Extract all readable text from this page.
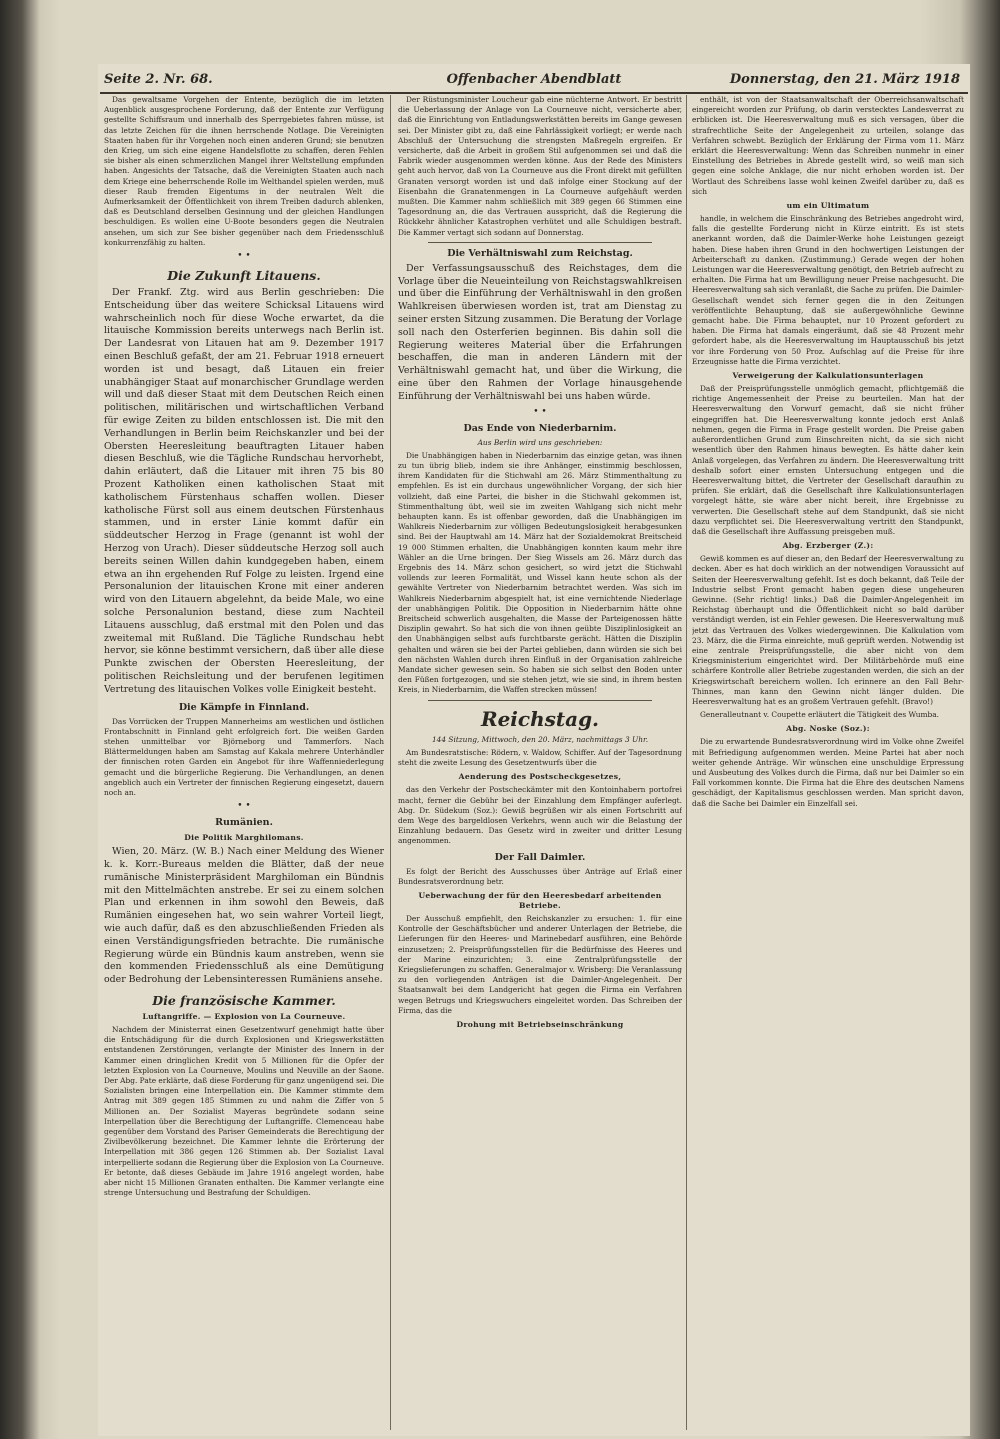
Seite 2. Nr. 68.	Offenbacher Abendblatt	Donnerstag, den 21. März 1918

Das gewaltsame Vorgehen der Entente, bezüglich die im letzten Augenblick ausgesprochene Forderung, daß der Entente zur Verfügung gestellte Schiffsraum und innerhalb des Sperrgebietes fahren müsse, ist das letzte Zeichen für die ihnen herrschende Notlage. Die Vereinigten Staaten haben für ihr Vorgehen noch einen anderen Grund; sie benutzen den Krieg, um sich eine eigene Handelsflotte zu schaffen, deren Fehlen sie bisher als einen schmerzlichen Mangel ihrer Weltstellung empfunden haben. Angesichts der Tatsache, daß die Vereinigten Staaten auch nach dem Kriege eine beherrschende Rolle im Welthandel spielen werden, muß dieser Raub fremden Eigentums in der neutralen Welt die Aufmerksamkeit der Öffentlichkeit von ihrem Treiben dadurch ablenken, daß es Deutschland derselben Gesinnung und der gleichen Handlungen beschuldigen. Es wollen eine U-Boote besonders gegen die Neutralen ansehen, um sich zur See bisher gegenüber nach dem Friedensschluß konkurrenzfähig zu halten.

• •
Die Zukunft Litauens.

Der Frankf. Ztg. wird aus Berlin geschrieben: Die Entscheidung über das weitere Schicksal Litauens wird wahrscheinlich noch für diese Woche erwartet, da die litauische Kommission bereits unterwegs nach Berlin ist. Der Landesrat von Litauen hat am 9. Dezember 1917 einen Beschluß gefaßt, der am 21. Februar 1918 erneuert worden ist und besagt, daß Litauen ein freier unabhängiger Staat auf monarchischer Grundlage werden will und daß dieser Staat mit dem Deutschen Reich einen politischen, militärischen und wirtschaftlichen Verband für ewige Zeiten zu bilden entschlossen ist. Die mit den Verhandlungen in Berlin beim Reichskanzler und bei der Obersten Heeresleitung beauftragten Litauer haben diesen Beschluß, wie die Tägliche Rundschau hervorhebt, dahin erläutert, daß die Litauer mit ihren 75 bis 80 Prozent Katholiken einen katholischen Staat mit katholischem Fürstenhaus schaffen wollen. Dieser katholische Fürst soll aus einem deutschen Fürstenhaus stammen, und in erster Linie kommt dafür ein süddeutscher Herzog in Frage (genannt ist wohl der Herzog von Urach). Dieser süddeutsche Herzog soll auch bereits seinen Willen dahin kundgegeben haben, einem etwa an ihn ergehenden Ruf Folge zu leisten. Irgend eine Personalunion der litauischen Krone mit einer anderen wird von den Litauern abgelehnt, da beide Male, wo eine solche Personalunion bestand, diese zum Nachteil Litauens ausschlug, daß erstmal mit den Polen und das zweitemal mit Rußland. Die Tägliche Rundschau hebt hervor, sie könne bestimmt versichern, daß über alle diese Punkte zwischen der Obersten Heeresleitung, der politischen Reichsleitung und der berufenen legitimen Vertretung des litauischen Volkes volle Einigkeit besteht.

Die Kämpfe in Finnland.

Das Vorrücken der Truppen Mannerheims am westlichen und östlichen Frontabschnitt in Finnland geht erfolgreich fort. Die weißen Garden stehen unmittelbar vor Björneborg und Tammerfors. Nach Blättermeldungen haben am Samstag auf Kakala mehrere Unterhändler der finnischen roten Garden ein Angebot für ihre Waffenniederlegung gemacht und die bürgerliche Regierung. Die Verhandlungen, an denen angeblich auch ein Vertreter der finnischen Regierung eingesetzt, dauern noch an.

• •
Rumänien.
Die Politik Marghilomans.

Wien, 20. März. (W. B.) Nach einer Meldung des Wiener k. k. Korr.-Bureaus melden die Blätter, daß der neue rumänische Ministerpräsident Marghiloman ein Bündnis mit den Mittelmächten anstrebe. Er sei zu einem solchen Plan und erkennen in ihm sowohl den Beweis, daß Rumänien eingesehen hat, wo sein wahrer Vorteil liegt, wie auch dafür, daß es den abzuschließenden Frieden als einen Verständigungsfrieden betrachte. Die rumänische Regierung würde ein Bündnis kaum anstreben, wenn sie den kommenden Friedensschluß als eine Demütigung oder Bedrohung der Lebensinteressen Rumäniens ansehe.

Die französische Kammer.
Luftangriffe. — Explosion von La Courneuve.

Nachdem der Ministerrat einen Gesetzentwurf genehmigt hatte über die Entschädigung für die durch Explosionen und Kriegswerkstätten entstandenen Zerstörungen, verlangte der Minister des Innern in der Kammer einen dringlichen Kredit von 5 Millionen für die Opfer der letzten Explosion von La Courneuve, Moulins und Neuville an der Saone. Der Abg. Pate erklärte, daß diese Forderung für ganz ungenügend sei. Die Sozialisten bringen eine Interpellation ein. Die Kammer stimmte dem Antrag mit 389 gegen 185 Stimmen zu und nahm die Ziffer von 5 Millionen an. Der Sozialist Mayeras begründete sodann seine Interpellation über die Berechtigung der Luftangriffe. Clemenceau habe gegenüber dem Vorstand des Pariser Gemeinderats die Berechtigung der Zivilbevölkerung bezeichnet. Die Kammer lehnte die Erörterung der Interpellation mit 386 gegen 126 Stimmen ab. Der Sozialist Laval interpellierte sodann die Regierung über die Explosion von La Courneuve. Er betonte, daß dieses Gebäude im Jahre 1916 angelegt worden, habe aber nicht 15 Millionen Granaten enthalten. Die Kammer verlangte eine strenge Untersuchung und Bestrafung der Schuldigen.

Der Rüstungsminister Loucheur gab eine nüchterne Antwort. Er bestritt die Ueberlassung der Anlage von La Courneuve nicht, versicherte aber, daß die Einrichtung von Entladungswerkstätten bereits im Gange gewesen sei. Der Minister gibt zu, daß eine Fahrlässigkeit vorliegt; er werde nach Abschluß der Untersuchung die strengsten Maßregeln ergreifen. Er versicherte, daß die Arbeit in großem Stil aufgenommen sei und daß die Fabrik wieder ausgenommen werden könne. Aus der Rede des Ministers geht auch hervor, daß von La Courneuve aus die Front direkt mit gefüllten Granaten versorgt worden ist und daß infolge einer Stockung auf der Eisenbahn die Granatenmengen in La Courneuve aufgehäuft werden mußten. Die Kammer nahm schließlich mit 389 gegen 66 Stimmen eine Tagesordnung an, die das Vertrauen ausspricht, daß die Regierung die Rückkehr ähnlicher Katastrophen verhütet und alle Schuldigen bestraft. Die Kammer vertagt sich sodann auf Donnerstag.

Die Verhältniswahl zum Reichstag.

Der Verfassungsausschuß des Reichstages, dem die Vorlage über die Neueinteilung von Reichstagswahlkreisen und über die Einführung der Verhältniswahl in den großen Wahlkreisen überwiesen worden ist, trat am Dienstag zu seiner ersten Sitzung zusammen. Die Beratung der Vorlage soll nach den Osterferien beginnen. Bis dahin soll die Regierung weiteres Material über die Erfahrungen beschaffen, die man in anderen Ländern mit der Verhältniswahl gemacht hat, und über die Wirkung, die eine über den Rahmen der Vorlage hinausgehende Einführung der Verhältniswahl bei uns haben würde.

• •
Das Ende von Niederbarnim.
Aus Berlin wird uns geschrieben:

Die Unabhängigen haben in Niederbarnim das einzige getan, was ihnen zu tun übrig blieb, indem sie ihre Anhänger, einstimmig beschlossen, ihrem Kandidaten für die Stichwahl am 26. März Stimmenthaltung zu empfehlen. Es ist ein durchaus ungewöhnlicher Vorgang, der sich hier vollzieht, daß eine Partei, die bisher in die Stichwahl gekommen ist, Stimmenthaltung übt, weil sie im zweiten Wahlgang sich nicht mehr behaupten kann. Es ist offenbar geworden, daß die Unabhängigen im Wahlkreis Niederbarnim zur völligen Bedeutungslosigkeit herabgesunken sind. Bei der Hauptwahl am 14. März hat der Sozialdemokrat Breitscheid 19 000 Stimmen erhalten, die Unabhängigen konnten kaum mehr ihre Wähler an die Urne bringen. Der Sieg Wissels am 26. März durch das Ergebnis des 14. März schon gesichert, so wird jetzt die Stichwahl vollends zur leeren Formalität, und Wissel kann heute schon als der gewählte Vertreter von Niederbarnim betrachtet werden. Was sich im Wahlkreis Niederbarnim abgespielt hat, ist eine vernichtende Niederlage der unabhängigen Politik. Die Opposition in Niederbarnim hätte ohne Breitscheid schwerlich ausgehalten, die Masse der Parteigenossen hätte Disziplin gewahrt. So hat sich die von ihnen geübte Disziplinlosigkeit an den Unabhängigen selbst aufs furchtbarste gerächt. Hätten die Disziplin gehalten und wären sie bei der Partei geblieben, dann würden sie sich bei den nächsten Wahlen durch ihren Einfluß in der Organisation zahlreiche Mandate sicher gewesen sein. So haben sie sich selbst den Boden unter den Füßen fortgezogen, und sie stehen jetzt, wie sie sind, in ihrem besten Kreis, in Niederbarnim, die Waffen strecken müssen!

Reichstag.
144 Sitzung, Mittwoch, den 20. März, nachmittags 3 Uhr.

Am Bundesratstische: Rödern, v. Waldow, Schiffer. Auf der Tagesordnung steht die zweite Lesung des Gesetzentwurfs über die

Aenderung des Postscheckgesetzes,

das den Verkehr der Postscheckämter mit den Kontoinhabern portofrei macht, ferner die Gebühr bei der Einzahlung dem Empfänger auferlegt. Abg. Dr. Südekum (Soz.): Gewiß begrüßen wir als einen Fortschritt auf dem Wege des bargeldlosen Verkehrs, wenn auch wir die Belastung der Einzahlung bedauern. Das Gesetz wird in zweiter und dritter Lesung angenommen.

Der Fall Daimler.

Es folgt der Bericht des Ausschusses über Anträge auf Erlaß einer Bundesratsverordnung betr.

Ueberwachung der für den Heeresbedarf arbeitenden Betriebe.

Der Ausschuß empfiehlt, den Reichskanzler zu ersuchen: 1. für eine Kontrolle der Geschäftsbücher und anderer Unterlagen der Betriebe, die Lieferungen für den Heeres- und Marinebedarf ausführen, eine Behörde einzusetzen; 2. Preisprüfungsstellen für die Bedürfnisse des Heeres und der Marine einzurichten; 3. eine Zentralprüfungsstelle der Kriegslieferungen zu schaffen. Generalmajor v. Wrisberg: Die Veranlassung zu den vorliegenden Anträgen ist die Daimler-Angelegenheit. Der Staatsanwalt bei dem Landgericht hat gegen die Firma ein Verfahren wegen Betrugs und Kriegswuchers eingeleitet worden. Das Schreiben der Firma, das die

Drohung mit Betriebseinschränkung

enthält, ist von der Staatsanwaltschaft der Oberreichsanwaltschaft eingereicht worden zur Prüfung, ob darin verstecktes Landesverrat zu erblicken ist. Die Heeresverwaltung muß es sich versagen, über die strafrechtliche Seite der Angelegenheit zu urteilen, solange das Verfahren schwebt. Bezüglich der Erklärung der Firma vom 11. März erklärt die Heeresverwaltung: Wenn das Schreiben nunmehr in einer Einstellung des Betriebes in Abrede gestellt wird, so weiß man sich gegen eine solche Anklage, die nur nicht erhoben worden ist. Der Wortlaut des Schreibens lasse wohl keinen Zweifel darüber zu, daß es sich

um ein Ultimatum

handle, in welchem die Einschränkung des Betriebes angedroht wird, falls die gestellte Forderung nicht in Kürze eintritt. Es ist stets anerkannt worden, daß die Daimler-Werke hohe Leistungen gezeigt haben. Diese haben ihren Grund in den hochwertigen Leistungen der Arbeiterschaft zu danken. (Zustimmung.) Gerade wegen der hohen Leistungen war die Heeresverwaltung genötigt, den Betrieb aufrecht zu erhalten. Die Firma hat um Bewilligung neuer Preise nachgesucht. Die Heeresverwaltung sah sich veranlaßt, die Sache zu prüfen. Die Daimler-Gesellschaft wendet sich ferner gegen die in den Zeitungen veröffentlichte Behauptung, daß sie außergewöhnliche Gewinne gemacht habe. Die Firma behauptet, nur 10 Prozent gefordert zu haben. Die Firma hat damals eingeräumt, daß sie 48 Prozent mehr gefordert habe, als die Heeresverwaltung im Hauptausschuß bis jetzt vor ihre Forderung von 50 Proz. Aufschlag auf die Preise für ihre Erzeugnisse hatte die Firma verzichtet.

Verweigerung der Kalkulationsunterlagen

Daß der Preisprüfungsstelle unmöglich gemacht, pflichtgemäß die richtige Angemessenheit der Preise zu beurteilen. Man hat der Heeresverwaltung den Vorwurf gemacht, daß sie nicht früher eingegriffen hat. Die Heeresverwaltung konnte jedoch erst Anlaß nehmen, gegen die Firma in Frage gestellt worden. Die Preise gaben außerordentlichen Grund zum Einschreiten nicht, da sie sich nicht wesentlich über den Rahmen hinaus bewegten. Es hätte daher kein Anlaß vorgelegen, das Verfahren zu ändern. Die Heeresverwaltung tritt deshalb sofort einer ernsten Untersuchung entgegen und die Heeresverwaltung bittet, die Vertreter der Gesellschaft daraufhin zu prüfen. Sie erklärt, daß die Gesellschaft ihre Kalkulationsunterlagen vorgelegt hätte, sie wäre aber nicht bereit, ihre Ergebnisse zu verwerten. Die Gesellschaft stehe auf dem Standpunkt, daß sie nicht dazu verpflichtet sei. Die Heeresverwaltung vertritt den Standpunkt, daß die Gesellschaft ihre Auffassung preisgeben muß.

Abg. Erzberger (Z.):

Gewiß kommen es auf dieser an, den Bedarf der Heeresverwaltung zu decken. Aber es hat doch wirklich an der notwendigen Voraussicht auf Seiten der Heeresverwaltung gefehlt. Ist es doch bekannt, daß Teile der Industrie selbst Front gemacht haben gegen diese ungeheuren Gewinne. (Sehr richtig! links.) Daß die Daimler-Angelegenheit im Reichstag überhaupt und die Öffentlichkeit nicht so bald darüber verständigt werden, ist ein Fehler gewesen. Die Heeresverwaltung muß jetzt das Vertrauen des Volkes wiedergewinnen. Die Kalkulation vom 23. März, die die Firma einreichte, muß geprüft werden. Notwendig ist eine zentrale Preisprüfungsstelle, die aber nicht von dem Kriegsministerium eingerichtet wird. Der Militärbehörde muß eine schärfere Kontrolle aller Betriebe zugestanden werden, die sich an der Kriegswirtschaft bereichern wollen. Ich erinnere an den Fall Behr-Thinnes, man kann den Gewinn nicht länger dulden. Die Heeresverwaltung hat es an großem Vertrauen gefehlt. (Bravo!)

Generalleutnant v. Coupette erläutert die Tätigkeit des Wumba.

Abg. Noske (Soz.):

Die zu erwartende Bundesratsverordnung wird im Volke ohne Zweifel mit Befriedigung aufgenommen werden. Meine Partei hat aber noch weiter gehende Anträge. Wir wünschen eine unschuldige Erpressung und Ausbeutung des Volkes durch die Firma, daß nur bei Daimler so ein Fall vorkommen konnte. Die Firma hat die Ehre des deutschen Namens geschädigt, der Kapitalismus geschlossen werden. Man spricht davon, daß die Sache bei Daimler ein Einzelfall sei.
